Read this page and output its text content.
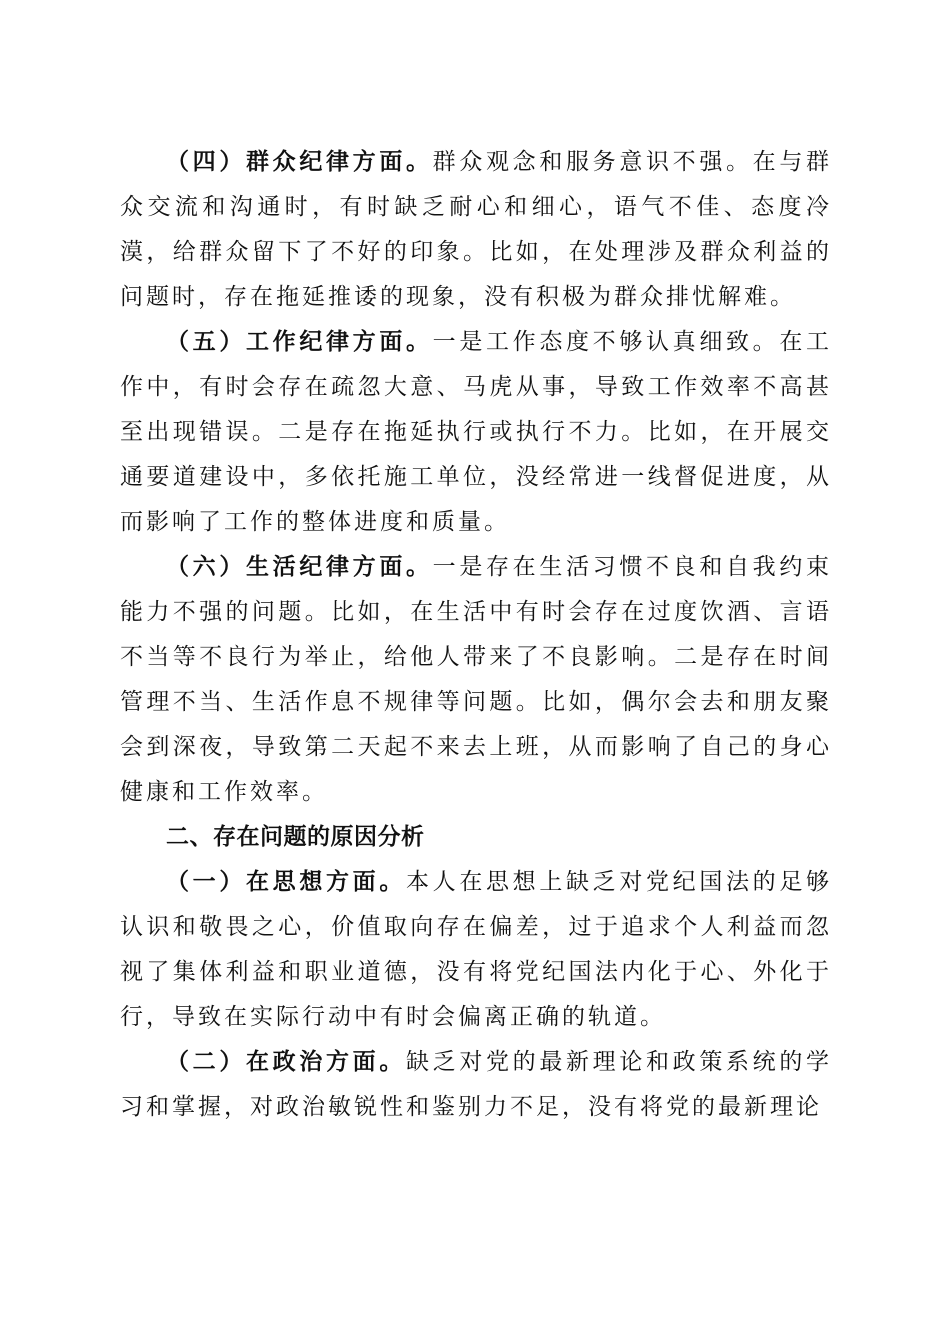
（四）群众纪律方面。群众观念和服务意识不强。在与群众交流和沟通时，有时缺乏耐心和细心，语气不佳、态度冷漠，给群众留下了不好的印象。比如，在处理涉及群众利益的问题时，存在拖延推诿的现象，没有积极为群众排忧解难。

（五）工作纪律方面。一是工作态度不够认真细致。在工作中，有时会存在疏忽大意、马虎从事，导致工作效率不高甚至出现错误。二是存在拖延执行或执行不力。比如，在开展交通要道建设中，多依托施工单位，没经常进一线督促进度，从而影响了工作的整体进度和质量。

（六）生活纪律方面。一是存在生活习惯不良和自我约束能力不强的问题。比如，在生活中有时会存在过度饮酒、言语不当等不良行为举止，给他人带来了不良影响。二是存在时间管理不当、生活作息不规律等问题。比如，偶尔会去和朋友聚会到深夜，导致第二天起不来去上班，从而影响了自己的身心健康和工作效率。

二、存在问题的原因分析

（一）在思想方面。本人在思想上缺乏对党纪国法的足够认识和敬畏之心，价值取向存在偏差，过于追求个人利益而忽视了集体利益和职业道德，没有将党纪国法内化于心、外化于行，导致在实际行动中有时会偏离正确的轨道。

（二）在政治方面。缺乏对党的最新理论和政策系统的学习和掌握，对政治敏锐性和鉴别力不足，没有将党的最新理论
